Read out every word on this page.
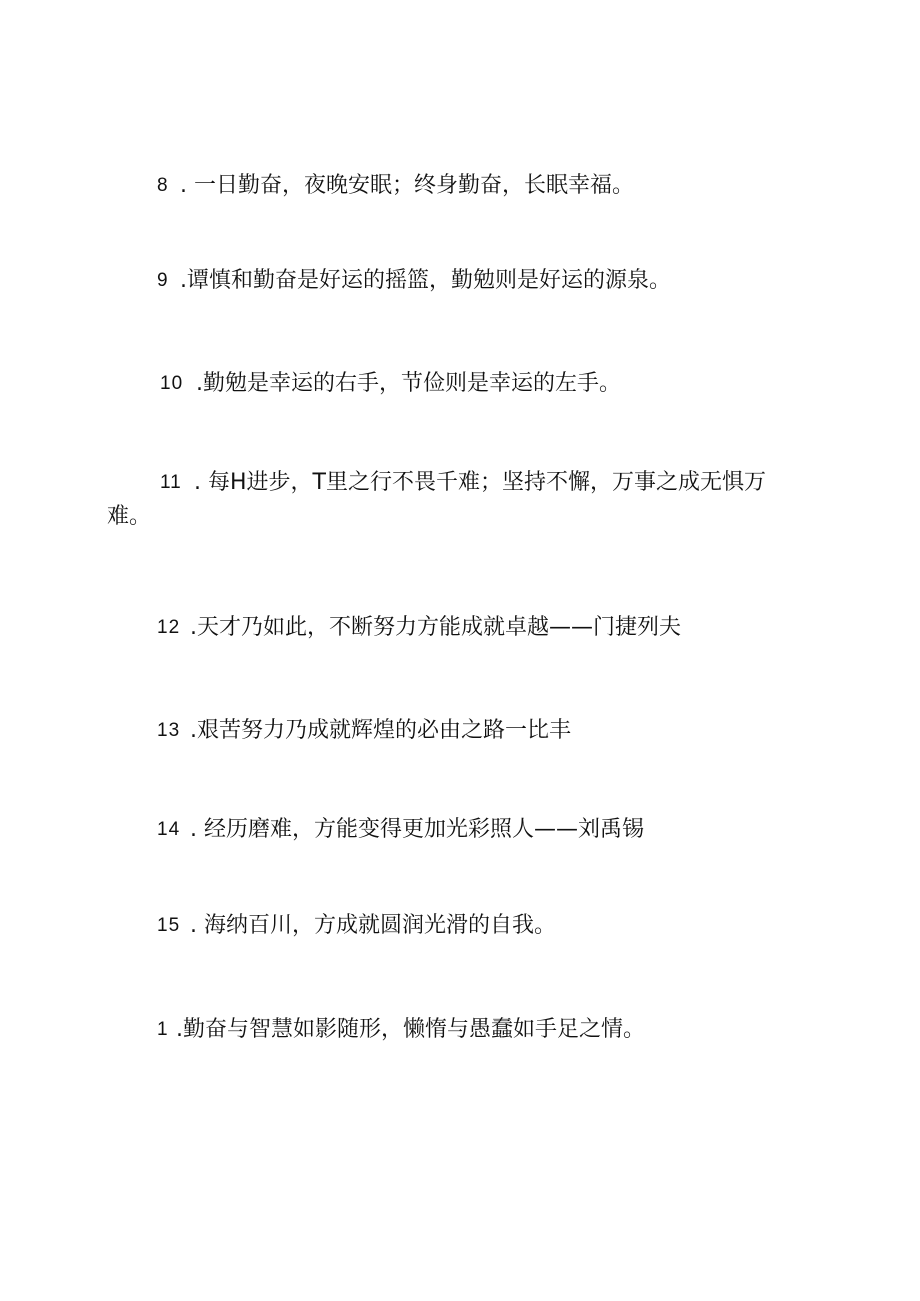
8 . 一日勤奋，夜晚安眠；终身勤奋，长眠幸福。
9 .谭慎和勤奋是好运的摇篮，勤勉则是好运的源泉。
10 .勤勉是幸运的右手，节俭则是幸运的左手。
11 . 每H进步，T里之行不畏千难；坚持不懈，万事之成无惧万
难。
12 .天才乃如此，不断努力方能成就卓越——门捷列夫
13 .艰苦努力乃成就辉煌的必由之路一比丰
14 . 经历磨难，方能变得更加光彩照人——刘禹锡
15 . 海纳百川，方成就圆润光滑的自我。
1 .勤奋与智慧如影随形，懒惰与愚蠢如手足之情。
